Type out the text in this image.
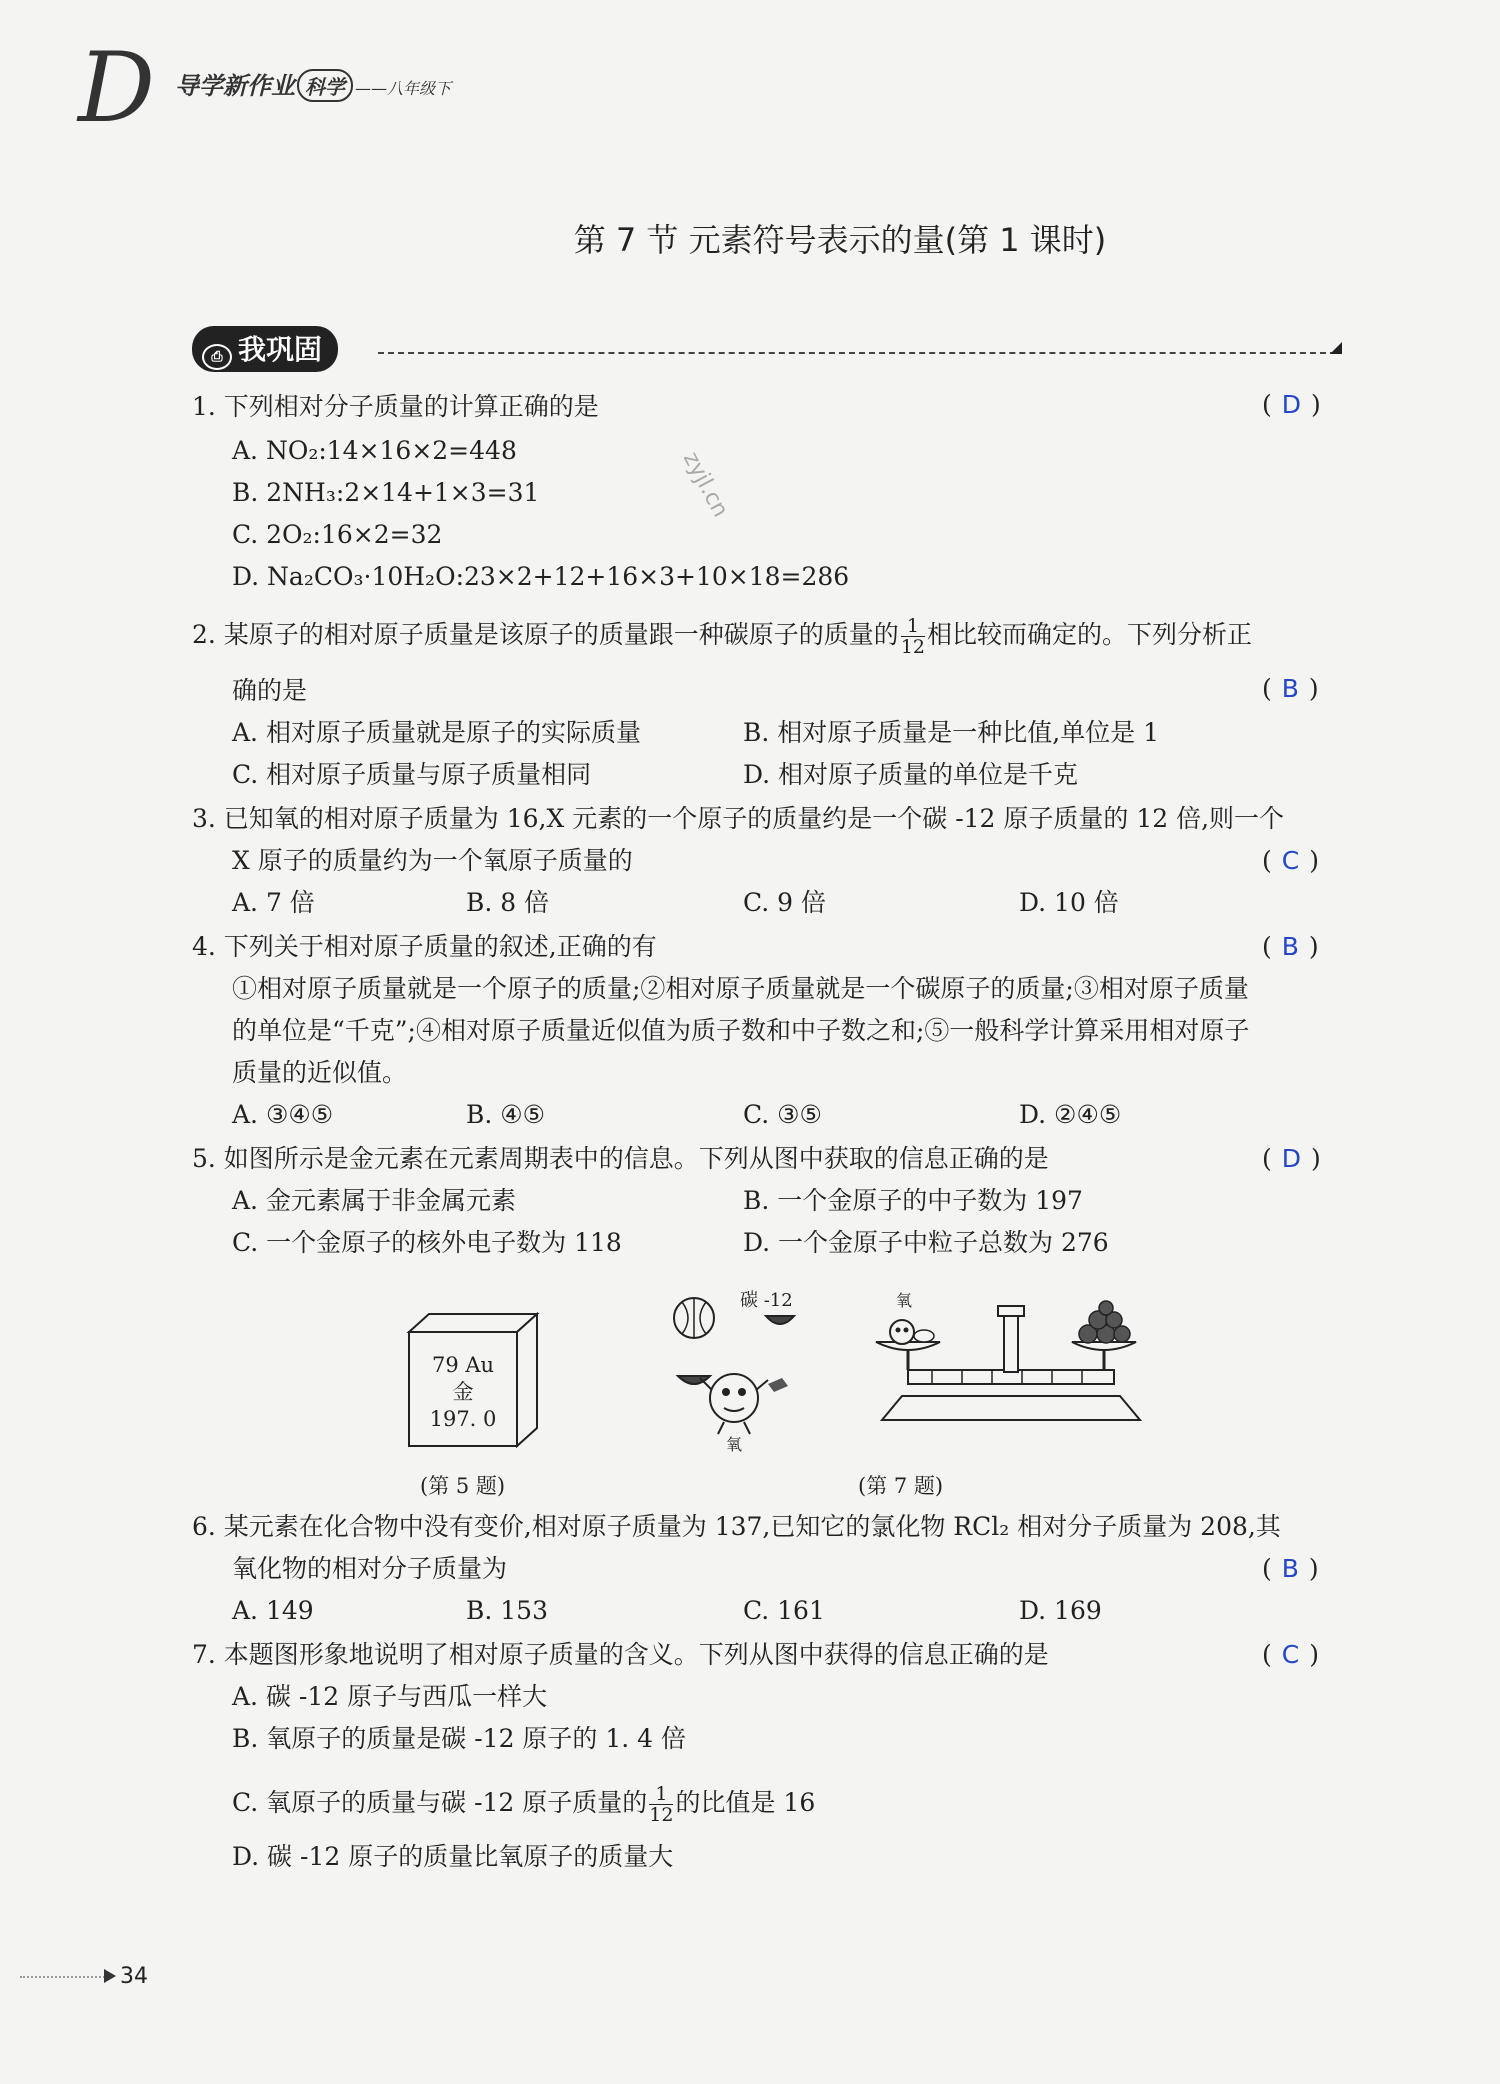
D 导学新作业 科学 ——八年级下
第 7 节 元素符号表示的量(第 1 课时)
⎙ 我巩固
zyjl.cn
1. 下列相对分子质量的计算正确的是	( D )
A. NO₂:14×16×2=448
B. 2NH₃:2×14+1×3=31
C. 2O₂:16×2=32
D. Na₂CO₃·10H₂O:23×2+12+16×3+10×18=286
2. 某原子的相对原子质量是该原子的质量跟一种碳原子的质量的 $\frac{1}{12}$ 相比较而确定的。下列分析正
确的是	( B )
A. 相对原子质量就是原子的实际质量	B. 相对原子质量是一种比值,单位是 1
C. 相对原子质量与原子质量相同	D. 相对原子质量的单位是千克
3. 已知氧的相对原子质量为 16,X 元素的一个原子的质量约是一个碳 -12 原子质量的 12 倍,则一个
X 原子的质量约为一个氧原子质量的	( C )
A. 7 倍	B. 8 倍	C. 9 倍	D. 10 倍
4. 下列关于相对原子质量的叙述,正确的有	( B )
①相对原子质量就是一个原子的质量;②相对原子质量就是一个碳原子的质量;③相对原子质量
的单位是“千克”;④相对原子质量近似值为质子数和中子数之和;⑤一般科学计算采用相对原子
质量的近似值。
A. ③④⑤	B. ④⑤	C. ③⑤	D. ②④⑤
5. 如图所示是金元素在元素周期表中的信息。下列从图中获取的信息正确的是	( D )
A. 金元素属于非金属元素	B. 一个金原子的中子数为 197
C. 一个金原子的核外电子数为 118	D. 一个金原子中粒子总数为 276
79 Au
金
197. 0
(第 5 题)
碳 -12
氧
氧
(第 7 题)
6. 某元素在化合物中没有变价,相对原子质量为 137,已知它的氯化物 RCl₂ 相对分子质量为 208,其
氧化物的相对分子质量为	( B )
A. 149	B. 153	C. 161	D. 169
7. 本题图形象地说明了相对原子质量的含义。下列从图中获得的信息正确的是	( C )
A. 碳 -12 原子与西瓜一样大
B. 氧原子的质量是碳 -12 原子的 1. 4 倍
C. 氧原子的质量与碳 -12 原子质量的 $\frac{1}{12}$ 的比值是 16
D. 碳 -12 原子的质量比氧原子的质量大
34
